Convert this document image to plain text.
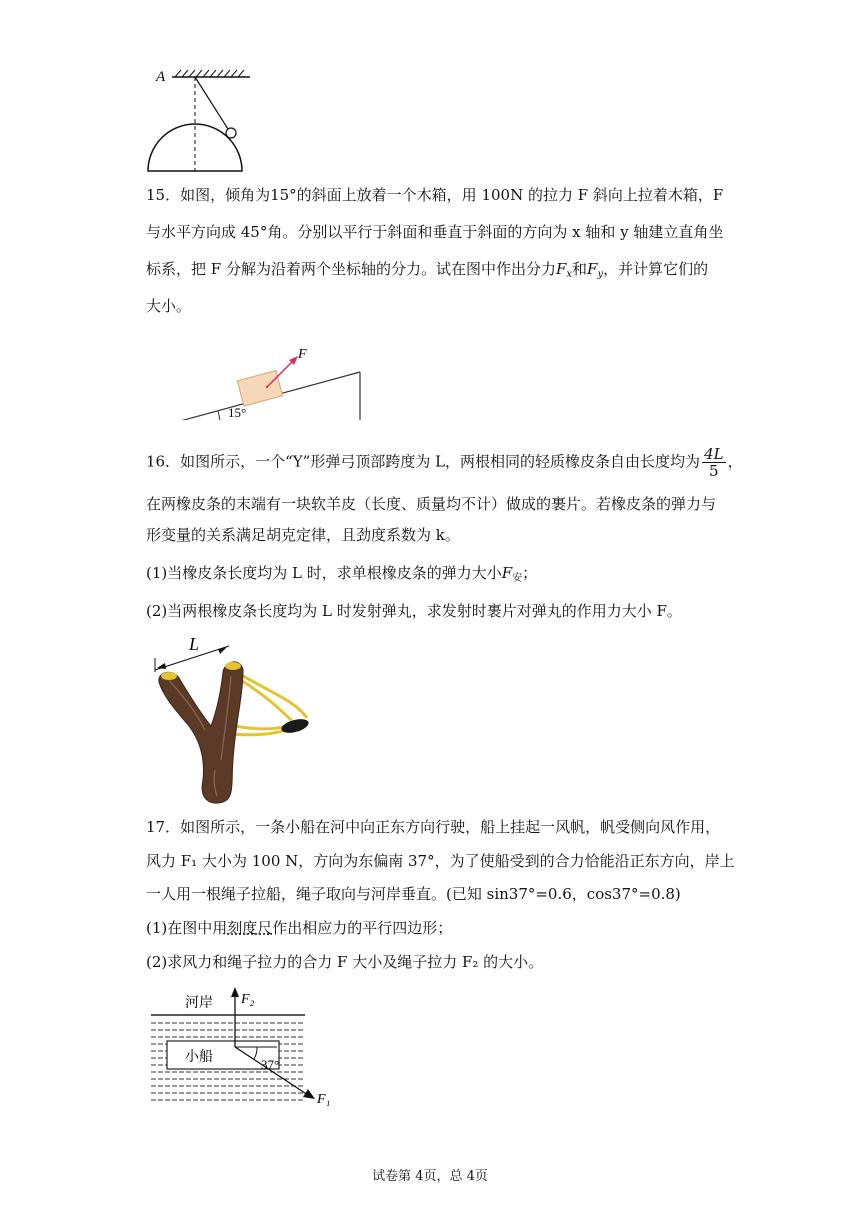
A
15．如图，倾角为15°的斜面上放着一个木箱，用 100N 的拉力 F 斜向上拉着木箱，F
与水平方向成 45°角。分别以平行于斜面和垂直于斜面的方向为 x 轴和 y 轴建立直角坐
标系，把 F 分解为沿着两个坐标轴的分力。试在图中作出分力$F_x$和$F_y$，并计算它们的
大小。
F
15°
16．如图所示，一个“Y”形弹弓顶部跨度为 L，两根相同的轻质橡皮条自由长度均为 $\frac{4L}{5}$ ，
在两橡皮条的末端有一块软羊皮（长度、质量均不计）做成的裹片。若橡皮条的弹力与
形变量的关系满足胡克定律，且劲度系数为 k。
(1)当橡皮条长度均为 L 时，求单根橡皮条的弹力大小$F_安$；
(2)当两根橡皮条长度均为 L 时发射弹丸，求发射时裹片对弹丸的作用力大小 F。
L
17．如图所示，一条小船在河中向正东方向行驶，船上挂起一风帆，帆受侧向风作用，
风力 F₁ 大小为 100 N，方向为东偏南 37°，为了使船受到的合力恰能沿正东方向，岸上
一人用一根绳子拉船，绳子取向与河岸垂直。(已知 sin37°=0.6，cos37°=0.8)
(1)在图中用刻度尺作出相应力的平行四边形；
(2)求风力和绳子拉力的合力 F 大小及绳子拉力 F₂ 的大小。
河岸
小船
F₂
F₁
37°
试卷第 4页，总 4页
